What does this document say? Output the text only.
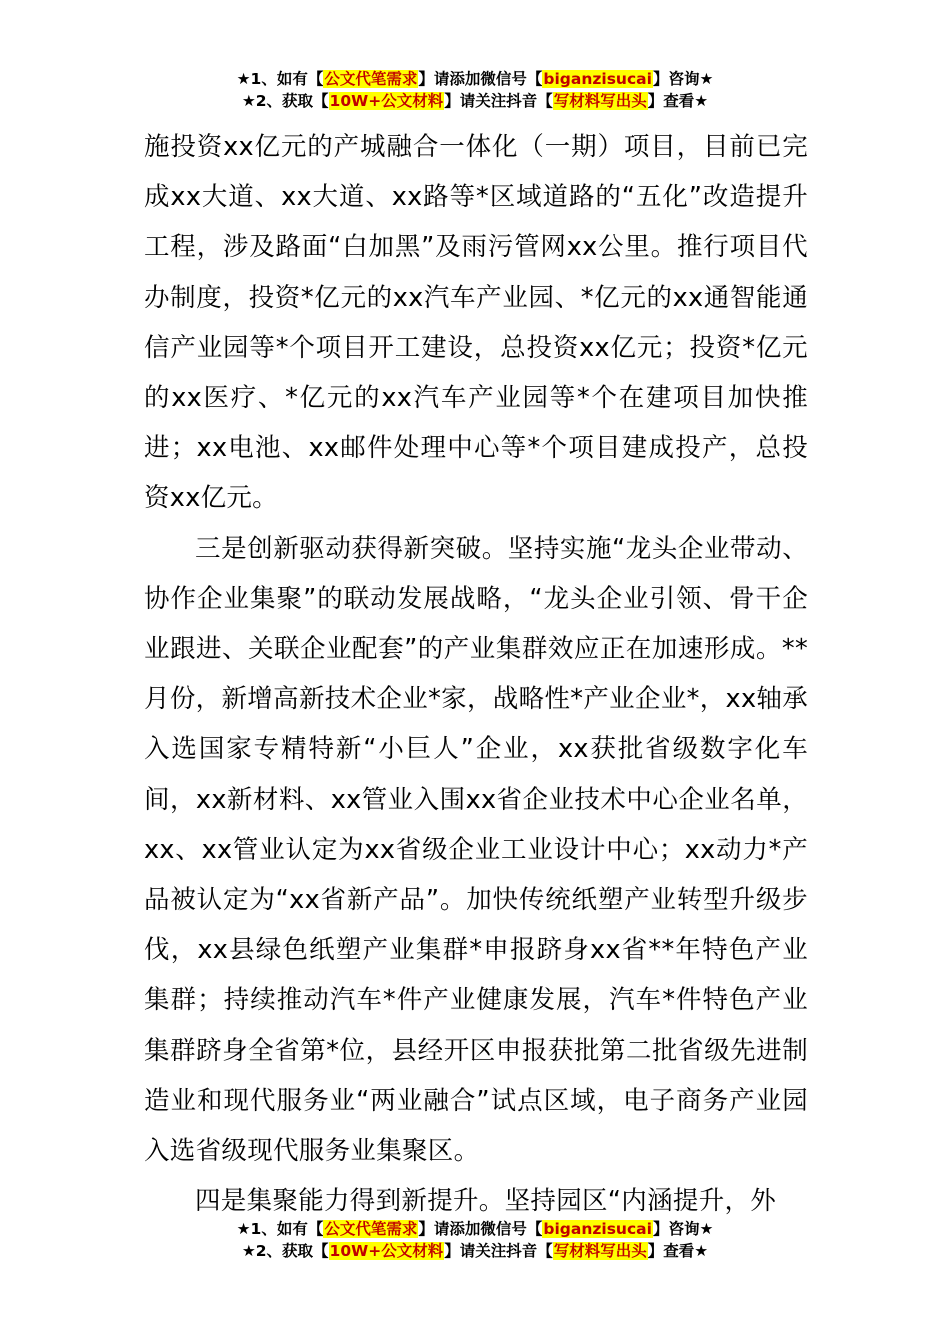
★1、如有【公文代笔需求】请添加微信号【biganzisucai】咨询★
★2、获取【10W+公文材料】请关注抖音【写材料写出头】查看★

施投资xx亿元的产城融合一体化（一期）项目，目前已完成xx大道、xx大道、xx路等*区域道路的“五化”改造提升工程，涉及路面“白加黑”及雨污管网xx公里。推行项目代办制度，投资*亿元的xx汽车产业园、*亿元的xx通智能通信产业园等*个项目开工建设，总投资xx亿元；投资*亿元的xx医疗、*亿元的xx汽车产业园等*个在建项目加快推进；xx电池、xx邮件处理中心等*个项目建成投产，总投资xx亿元。

三是创新驱动获得新突破。坚持实施“龙头企业带动、协作企业集聚”的联动发展战略，“龙头企业引领、骨干企业跟进、关联企业配套”的产业集群效应正在加速形成。**月份，新增高新技术企业*家，战略性*产业企业*，xx轴承入选国家专精特新“小巨人”企业，xx获批省级数字化车间，xx新材料、xx管业入围xx省企业技术中心企业名单，xx、xx管业认定为xx省级企业工业设计中心；xx动力*产品被认定为“xx省新产品”。加快传统纸塑产业转型升级步伐，xx县绿色纸塑产业集群*申报跻身xx省**年特色产业集群；持续推动汽车*件产业健康发展，汽车*件特色产业集群跻身全省第*位，县经开区申报获批第二批省级先进制造业和现代服务业“两业融合”试点区域，电子商务产业园入选省级现代服务业集聚区。

四是集聚能力得到新提升。坚持园区“内涵提升，外

★1、如有【公文代笔需求】请添加微信号【biganzisucai】咨询★
★2、获取【10W+公文材料】请关注抖音【写材料写出头】查看★
